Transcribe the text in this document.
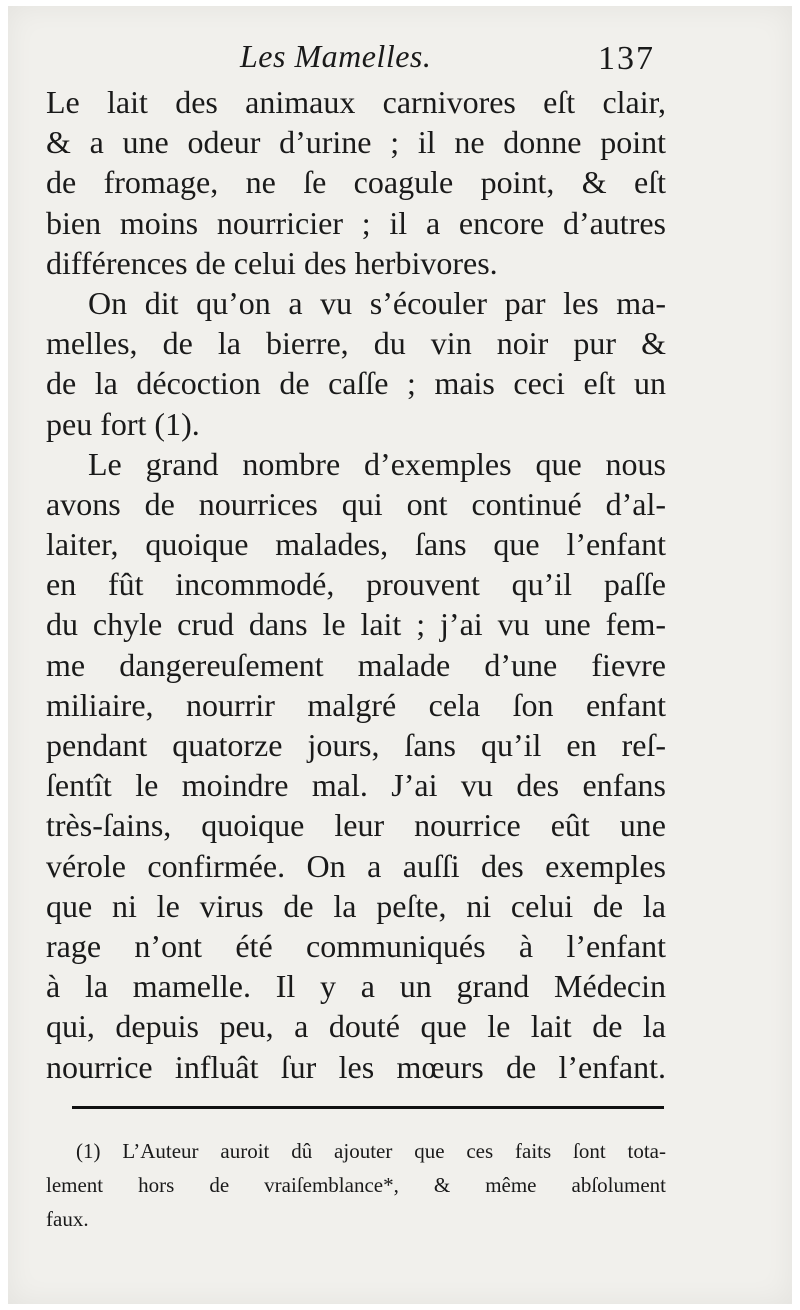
Les Mamelles.	137
Le lait des animaux carnivores eſt clair,
& a une odeur d’urine ; il ne donne point
de fromage, ne ſe coagule point, & eſt
bien moins nourricier ; il a encore d’autres
différences de celui des herbivores.
On dit qu’on a vu s’écouler par les ma-
melles, de la bierre, du vin noir pur &
de la décoction de caſſe ; mais ceci eſt un
peu fort (1).
Le grand nombre d’exemples que nous
avons de nourrices qui ont continué d’al-
laiter, quoique malades, ſans que l’enfant
en fût incommodé, prouvent qu’il paſſe
du chyle crud dans le lait ; j’ai vu une fem-
me dangereuſement malade d’une fievre
miliaire, nourrir malgré cela ſon enfant
pendant quatorze jours, ſans qu’il en reſ-
ſentît le moindre mal. J’ai vu des enfans
très-ſains, quoique leur nourrice eût une
vérole confirmée. On a auſſi des exemples
que ni le virus de la peſte, ni celui de la
rage n’ont été communiqués à l’enfant
à la mamelle. Il y a un grand Médecin
qui, depuis peu, a douté que le lait de la
nourrice influât ſur les mœurs de l’enfant.
(1) L’Auteur auroit dû ajouter que ces faits ſont tota-
lement hors de vraiſemblance*, & même abſolument
faux.
